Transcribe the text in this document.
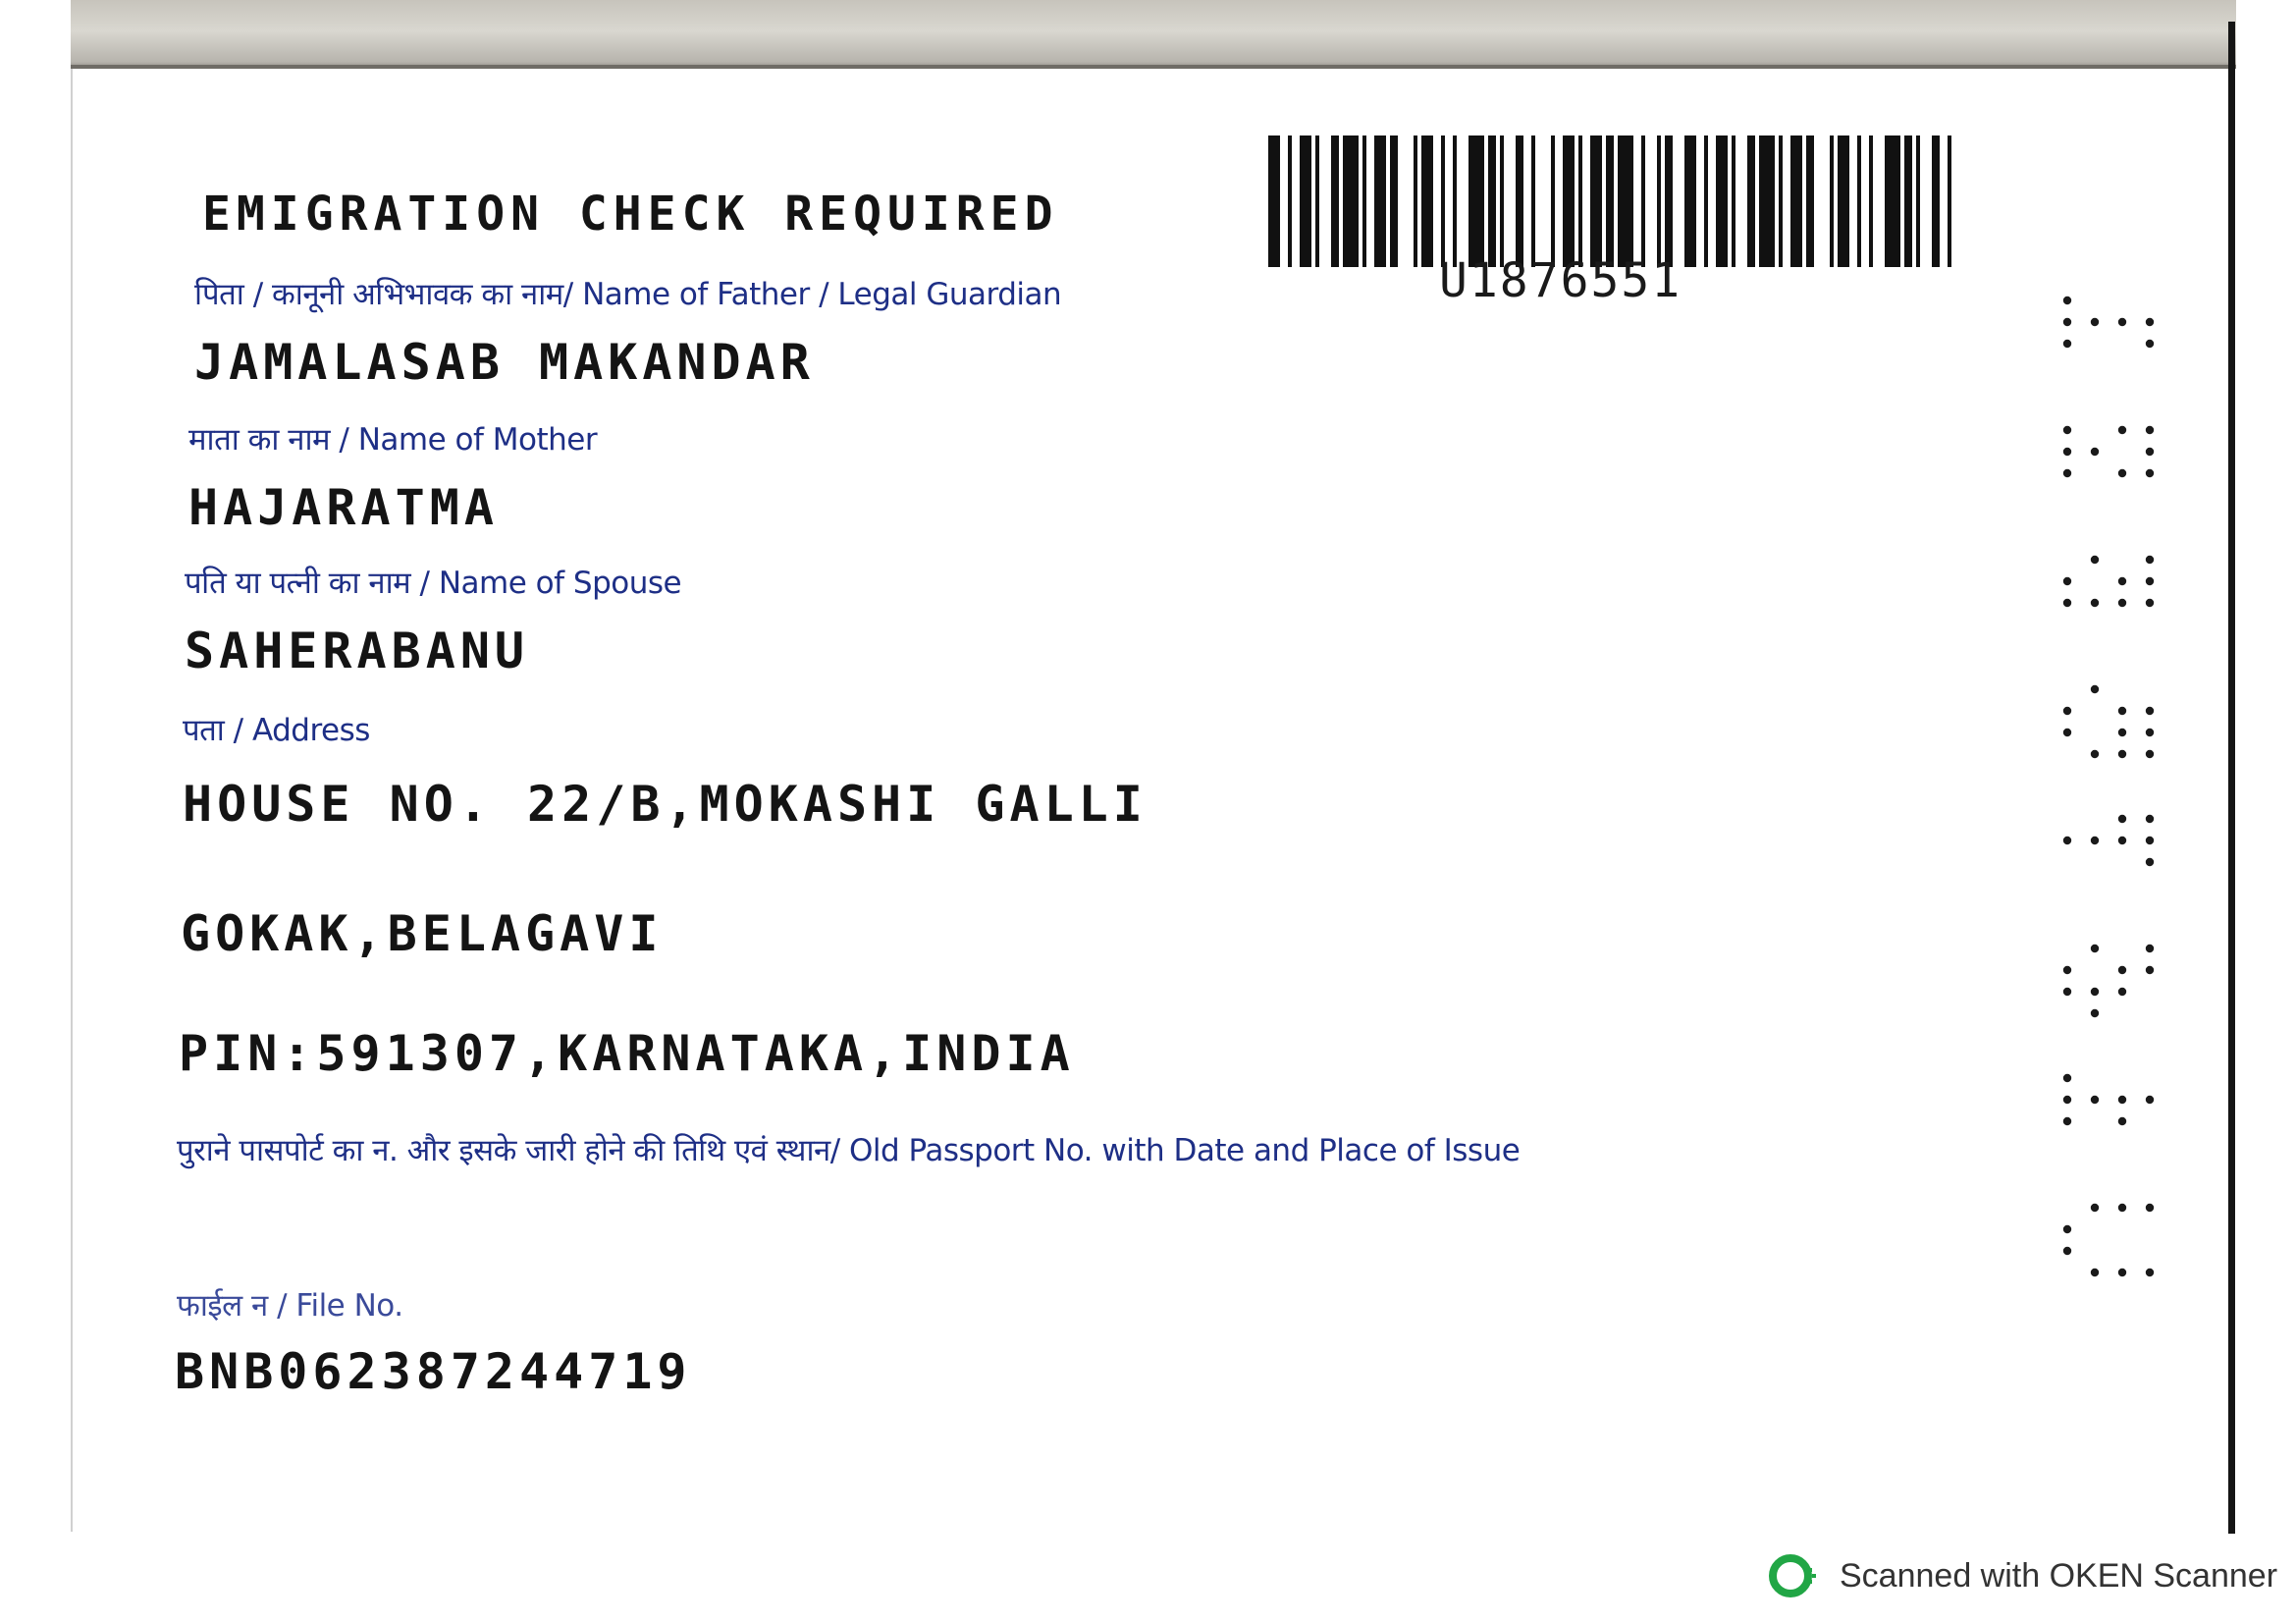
EMIGRATION CHECK REQUIRED
U1876551
पिता / कानूनी अभिभावक का नाम/ Name of Father / Legal Guardian
JAMALASAB MAKANDAR
माता का नाम / Name of Mother
HAJARATMA
पति या पत्नी का नाम / Name of Spouse
SAHERABANU
पता / Address
HOUSE NO. 22/B,MOKASHI GALLI
GOKAK,BELAGAVI
PIN:591307,KARNATAKA,INDIA
पुराने पासपोर्ट का न. और इसके जारी होने की तिथि एवं स्थान/ Old Passport No. with Date and Place of Issue
फाईल न / File No.
BNB062387244719
Scanned with OKEN Scanner
